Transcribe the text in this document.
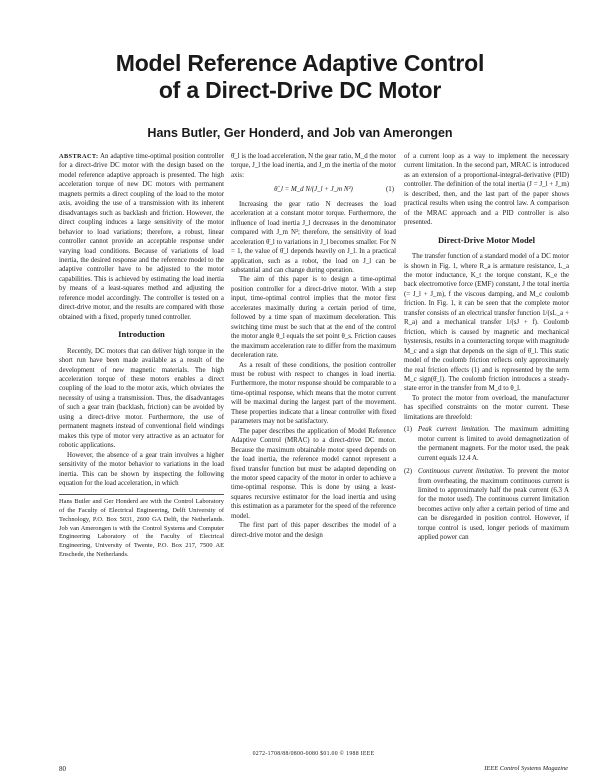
Model Reference Adaptive Control
of a Direct-Drive DC Motor
Hans Butler, Ger Honderd, and Job van Amerongen

ABSTRACT: An adaptive time-optimal position controller for a direct-drive DC motor with the design based on the model reference adaptive approach is presented. The high acceleration torque of new DC motors with permanent magnets permits a direct coupling of the load to the motor axis, avoiding the use of a transmission with its inherent disadvantages such as backlash and friction. However, the direct coupling induces a large sensitivity of the motor behavior to load variations; therefore, a robust, linear controller cannot provide an acceptable response under varying load conditions. Because of variations of load inertia, the desired response and the reference model to the adaptive controller have to be adjusted to the motor capabilities. This is achieved by estimating the load inertia by means of a least-squares method and adjusting the reference model accordingly. The controller is tested on a direct-drive motor, and the results are compared with those obtained with a fixed, properly tuned controller.

Introduction

Recently, DC motors that can deliver high torque in the short run have been made available as a result of the development of new magnetic materials. The high acceleration torque of these motors enables a direct coupling of the load to the motor axis, which obviates the necessity of using a transmission. Thus, the disadvantages of such a gear train (backlash, friction) can be avoided by using a direct-drive motor. Furthermore, the use of permanent magnets instead of conventional field windings makes this type of motor very attractive as an actuator for robotic applications.

However, the absence of a gear train involves a higher sensitivity of the motor behavior to variations in the load inertia. This can be shown by inspecting the following equation for the load acceleration, in which

Hans Butler and Ger Honderd are with the Control Laboratory of the Faculty of Electrical Engineering, Delft University of Technology, P.O. Box 5031, 2600 GA Delft, the Netherlands. Job van Amerongen is with the Control Systems and Computer Engineering Laboratory of the Faculty of Electrical Engineering, University of Twente, P.O. Box 217, 7500 AE Enschede, the Netherlands.

θ̈_l is the load acceleration, N the gear ratio, M_d the motor torque, J_l the load inertia, and J_m the inertia of the motor axis:

θ̈_l = M_d N/(J_l + J_m N²)	(1)

Increasing the gear ratio N decreases the load acceleration at a constant motor torque. Furthermore, the influence of load inertia J_l decreases in the denominator compared with J_m N²; therefore, the sensitivity of load acceleration θ̈_l to variations in J_l becomes smaller. For N = 1, the value of θ̈_l depends heavily on J_l. In a practical application, such as a robot, the load on J_l can be substantial and can change during operation.

The aim of this paper is to design a time-optimal position controller for a direct-drive motor. With a step input, time-optimal control implies that the motor first accelerates maximally during a certain period of time, followed by a time span of maximum deceleration. This switching time must be such that at the end of the control the motor angle θ_l equals the set point θ_s. Friction causes the maximum acceleration rate to differ from the maximum deceleration rate.

As a result of these conditions, the position controller must be robust with respect to changes in load inertia. Furthermore, the motor response should be comparable to a time-optimal response, which means that the motor current will be maximal during the largest part of the movement. These properties indicate that a linear controller with fixed parameters may not be satisfactory.

The paper describes the application of Model Reference Adaptive Control (MRAC) to a direct-drive DC motor. Because the maximum obtainable motor speed depends on the load inertia, the reference model cannot represent a fixed transfer function but must be adapted depending on the motor speed capacity of the motor in order to achieve a time-optimal response. This is done by using a least-squares recursive estimator for the load inertia and using this estimation as a parameter for the speed of the reference model.

The first part of this paper describes the model of a direct-drive motor and the design

of a current loop as a way to implement the necessary current limitation. In the second part, MRAC is introduced as an extension of a proportional-integral-derivative (PID) controller. The definition of the total inertia (J = J_l + J_m) is described, then, and the last part of the paper shows practical results when using the control law. A comparison of the MRAC approach and a PID controller is also presented.

Direct-Drive Motor Model

The transfer function of a standard model of a DC motor is shown in Fig. 1, where R_a is armature resistance, L_a the motor inductance, K_t the torque constant, K_e the back electromotive force (EMF) constant, J the total inertia (= J_l + J_m), f the viscous damping, and M_c coulomb friction. In Fig. 1, it can be seen that the complete motor transfer consists of an electrical transfer function 1/(sL_a + R_a) and a mechanical transfer 1/(sJ + f). Coulomb friction, which is caused by magnetic and mechanical hysteresis, results in a counteracting torque with magnitude M_c and a sign that depends on the sign of θ̇_l. This static model of the coulomb friction reflects only approximately the real friction effects (1) and is represented by the term M_c sign(θ̇_l). The coulomb friction introduces a steady-state error in the transfer from M_d to θ_l.

To protect the motor from overload, the manufacturer has specified constraints on the motor current. These limitations are threefold:

(1) Peak current limitation. The maximum admitting motor current is limited to avoid demagnetization of the permanent magnets. For the motor used, the peak current equals 12.4 A.
(2) Continuous current limitation. To prevent the motor from overheating, the maximum continuous current is limited to approximately half the peak current (6.3 A for the motor used). The continuous current limitation becomes active only after a certain period of time and can be disregarded in position control. However, if torque control is used, longer periods of maximum applied power can
0272-1708/88/0800-0080 $01.00 © 1988 IEEE
80	IEEE Control Systems Magazine
